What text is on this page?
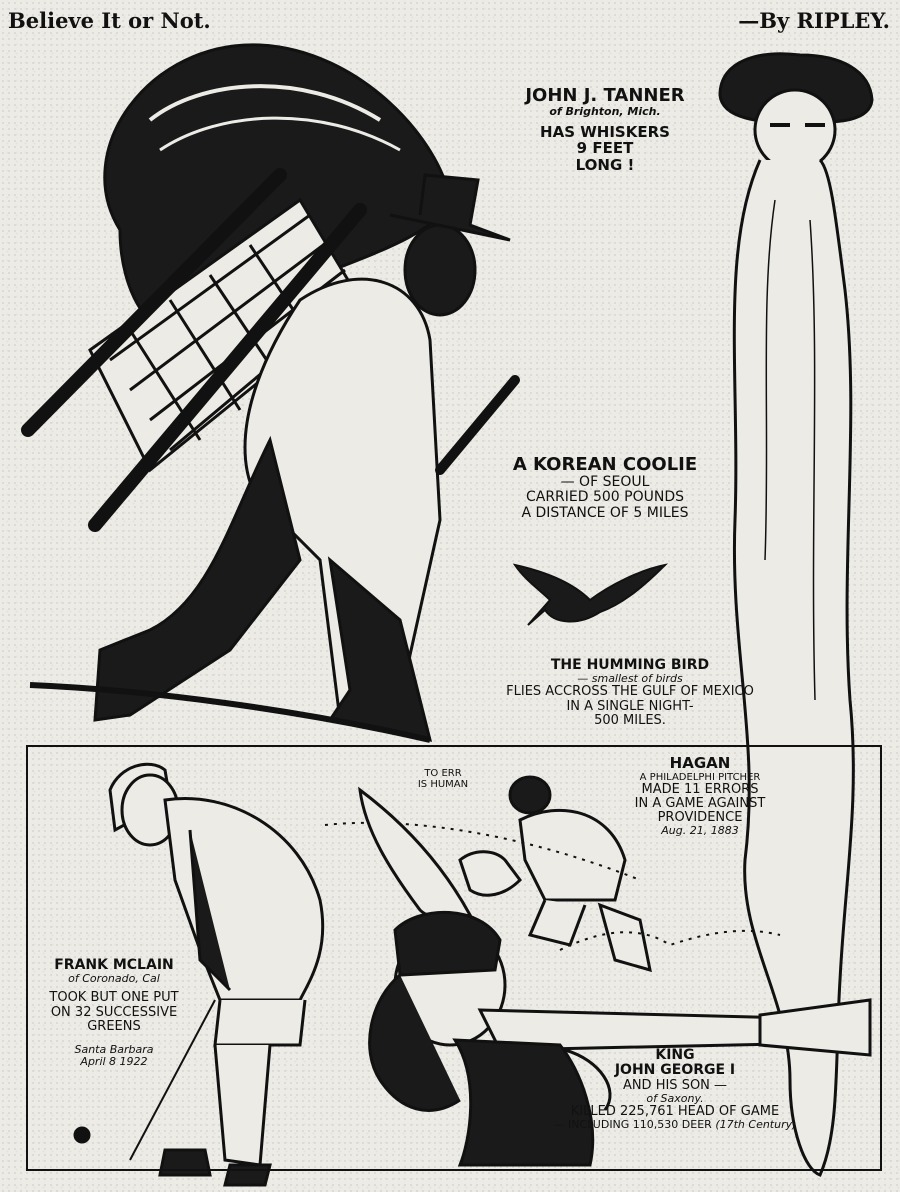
Believe It or Not.	—By RIPLEY.
JOHN J. TANNER
of Brighton, Mich.
HAS WHISKERS
9 FEET
LONG !
A KOREAN COOLIE
— OF SEOUL
CARRIED 500 POUNDS
A DISTANCE OF 5 MILES
THE HUMMING BIRD
— smallest of birds
FLIES ACCROSS THE GULF OF MEXICO
IN A SINGLE NIGHT-
500 MILES.
TO ERR
IS HUMAN
HAGAN
A PHILADELPHI PITCHER
MADE 11 ERRORS
IN A GAME AGAINST
PROVIDENCE
Aug. 21, 1883
FRANK MCLAIN
of Coronado, Cal
TOOK BUT ONE PUT
ON 32 SUCCESSIVE
GREENS
Santa Barbara
April 8 1922	KING
JOHN GEORGE I
AND HIS SON —
of Saxony.
KILLED 225,761 HEAD OF GAME
— INCLUDING 110,530 DEER (17th Century)
